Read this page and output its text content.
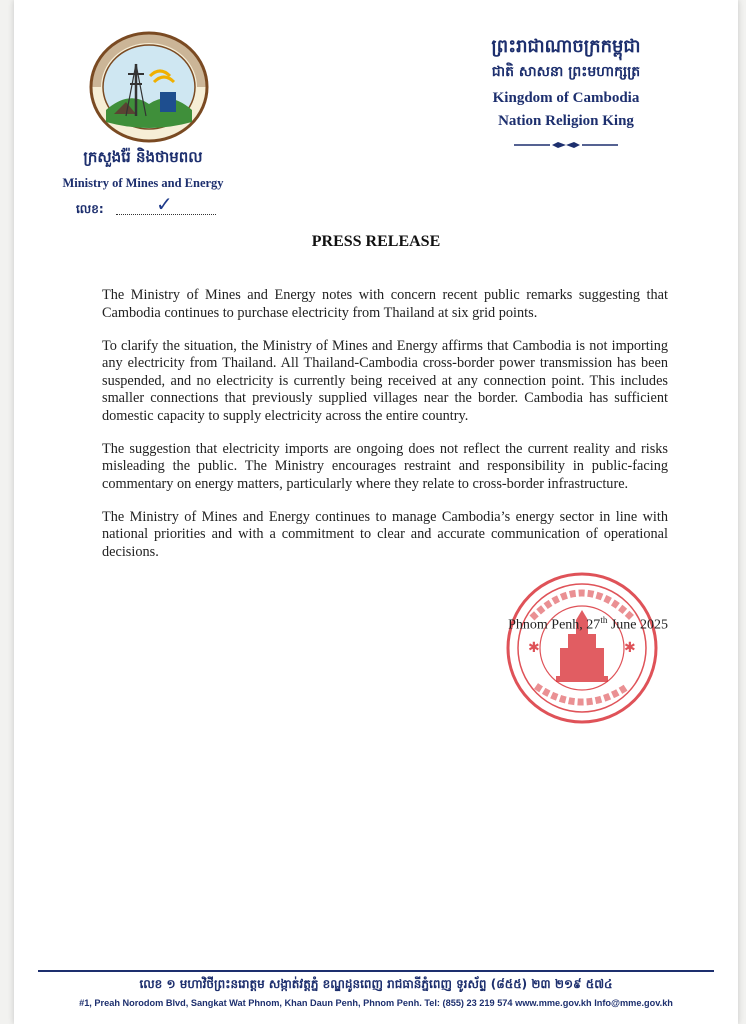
ក្រសួងរ៉ែ និងថាមពល
Ministry of Mines and Energy
លេខ:	✓
ព្រះរាជាណាចក្រកម្ពុជា
ជាតិ សាសនា ព្រះមហាក្សត្រ
Kingdom of Cambodia
Nation Religion King
PRESS RELEASE

The Ministry of Mines and Energy notes with concern recent public remarks suggesting that Cambodia continues to purchase electricity from Thailand at six grid points.

To clarify the situation, the Ministry of Mines and Energy affirms that Cambodia is not importing any electricity from Thailand. All Thailand-Cambodia cross-border power transmission has been suspended, and no electricity is currently being received at any connection point. This includes smaller connections that previously supplied villages near the border. Cambodia has sufficient domestic capacity to supply electricity across the entire country.

The suggestion that electricity imports are ongoing does not reflect the current reality and risks misleading the public. The Ministry encourages restraint and responsibility in public-facing commentary on energy matters, particularly where they relate to cross-border infrastructure.

The Ministry of Mines and Energy continues to manage Cambodia’s energy sector in line with national priorities and with a commitment to clear and accurate communication of operational decisions.

✱	✱
Phnom Penh, 27th June 2025
លេខ ១ មហាវិថីព្រះនរោត្តម សង្កាត់វត្តភ្នំ ខណ្ឌដូនពេញ រាជធានីភ្នំពេញ ទូរស័ព្ទ (៨៥៥) ២៣ ២១៩ ៥៧៤
#1, Preah Norodom Blvd, Sangkat Wat Phnom, Khan Daun Penh, Phnom Penh. Tel: (855) 23 219 574 www.mme.gov.kh Info@mme.gov.kh
